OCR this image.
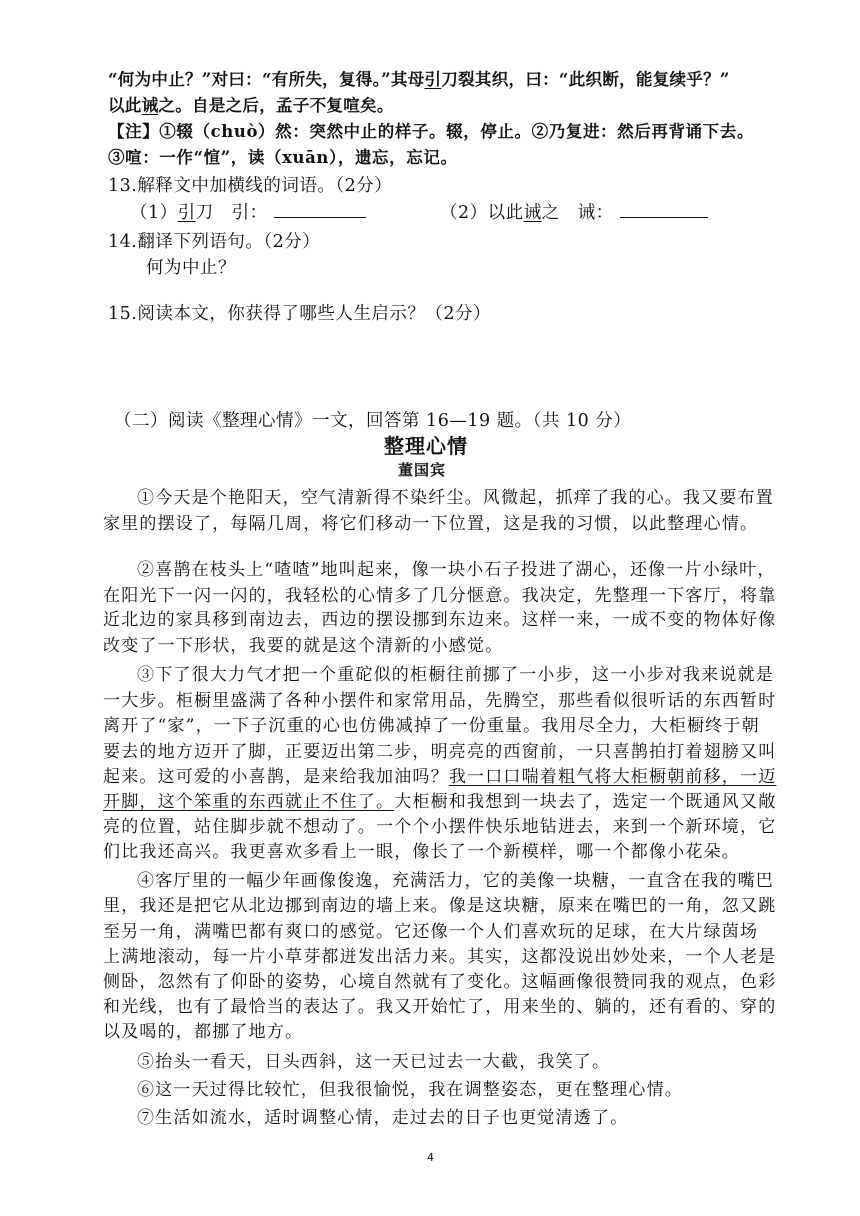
“何为中止？”对曰：“有所失，复得。”其母引刀裂其织，曰：“此织断，能复续乎？”
以此诫之。自是之后，孟子不复喧矣。
【注】①辍（chuò）然：突然中止的样子。辍，停止。②乃复进：然后再背诵下去。
③喧：一作“愃”，读（xuān），遗忘，忘记。
13.解释文中加横线的词语。（2分）
（1）引刀　引：	（2）以此诫之　诫：
14.翻译下列语句。（2分）
何为中止？
15.阅读本文，你获得了哪些人生启示？（2分）
（二）阅读《整理心情》一文，回答第 16—19 题。（共 10 分）
整理心情
董国宾
①今天是个艳阳天，空气清新得不染纤尘。风微起，抓痒了我的心。我又要布置
家里的摆设了，每隔几周，将它们移动一下位置，这是我的习惯，以此整理心情。
②喜鹊在枝头上“喳喳”地叫起来，像一块小石子投进了湖心，还像一片小绿叶，
在阳光下一闪一闪的，我轻松的心情多了几分惬意。我决定，先整理一下客厅，将靠
近北边的家具移到南边去，西边的摆设挪到东边来。这样一来，一成不变的物体好像
改变了一下形状，我要的就是这个清新的小感觉。
③下了很大力气才把一个重砣似的柜橱往前挪了一小步，这一小步对我来说就是
一大步。柜橱里盛满了各种小摆件和家常用品，先腾空，那些看似很听话的东西暂时
离开了“家”，一下子沉重的心也仿佛减掉了一份重量。我用尽全力，大柜橱终于朝
要去的地方迈开了脚，正要迈出第二步，明亮亮的西窗前，一只喜鹊拍打着翅膀又叫
起来。这可爱的小喜鹊，是来给我加油吗？我一口口喘着粗气将大柜橱朝前移，一迈
开脚，这个笨重的东西就止不住了。大柜橱和我想到一块去了，选定一个既通风又敞
亮的位置，站住脚步就不想动了。一个个小摆件快乐地钻进去，来到一个新环境，它
们比我还高兴。我更喜欢多看上一眼，像长了一个新模样，哪一个都像小花朵。
④客厅里的一幅少年画像俊逸，充满活力，它的美像一块糖，一直含在我的嘴巴
里，我还是把它从北边挪到南边的墙上来。像是这块糖，原来在嘴巴的一角，忽又跳
至另一角，满嘴巴都有爽口的感觉。它还像一个人们喜欢玩的足球，在大片绿茵场
上满地滚动，每一片小草芽都迸发出活力来。其实，这都没说出妙处来，一个人老是
侧卧，忽然有了仰卧的姿势，心境自然就有了变化。这幅画像很赞同我的观点，色彩
和光线，也有了最恰当的表达了。我又开始忙了，用来坐的、躺的，还有看的、穿的
以及喝的，都挪了地方。
⑤抬头一看天，日头西斜，这一天已过去一大截，我笑了。
⑥这一天过得比较忙，但我很愉悦，我在调整姿态，更在整理心情。
⑦生活如流水，适时调整心情，走过去的日子也更觉清透了。
4
